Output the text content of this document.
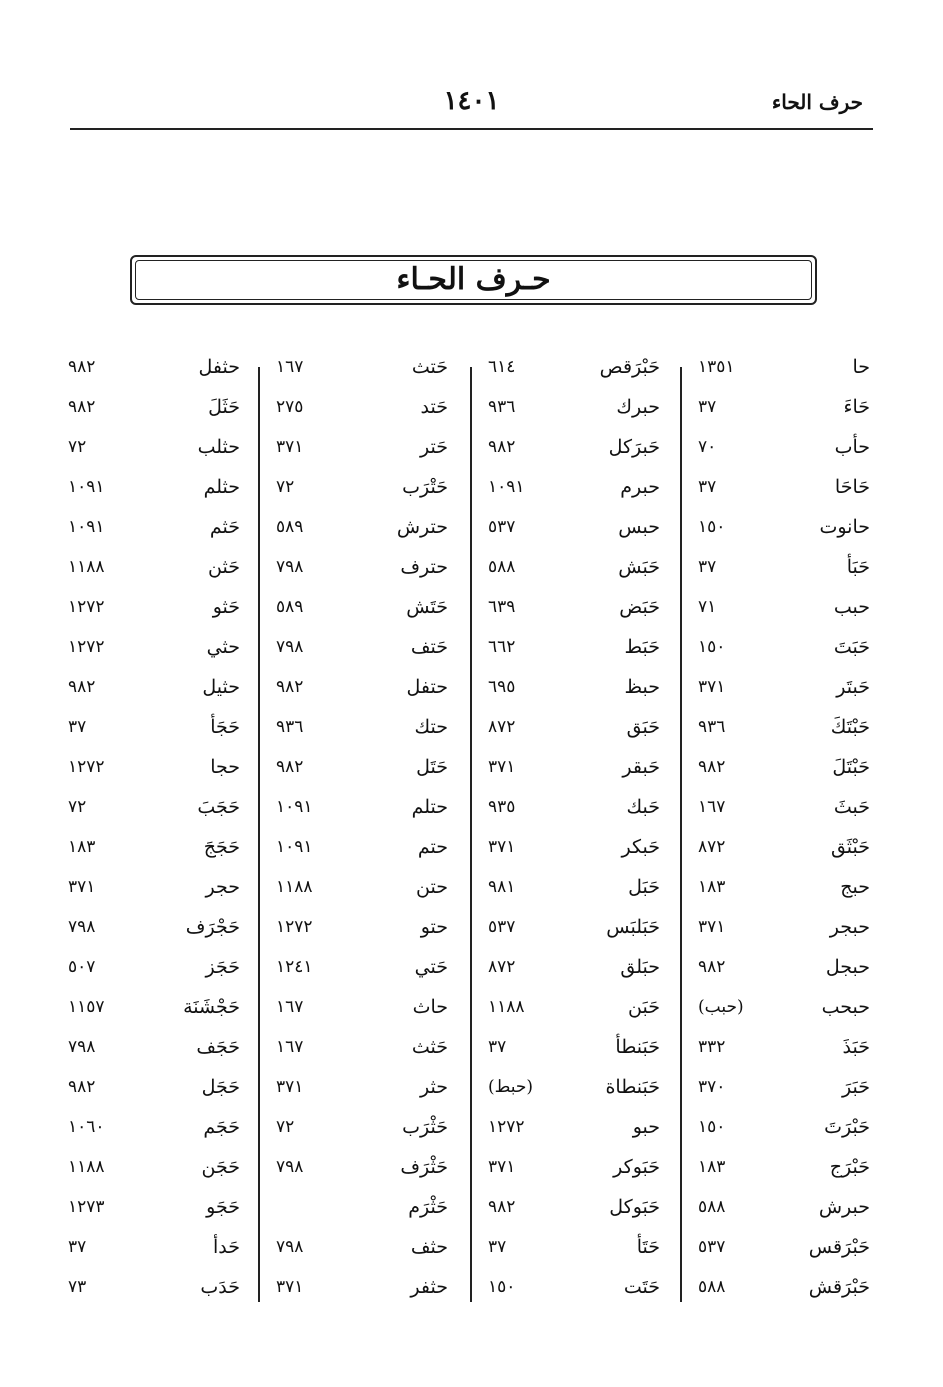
١٤٠١	حرف الحاء
حـرف الحـاء
حا
١٣٥١
حَاءَ
٣٧
حأب
٧٠
حَاحَا
٣٧
حانوت
١٥٠
حَبَأ
٣٧
حبب
٧١
حَبَتَ
١٥٠
حَبتَر
٣٧١
حَبْتَكَ
٩٣٦
حَبْتَلَ
٩٨٢
حَبثَ
١٦٧
حَبْثَق
٨٧٢
حبج
١٨٣
حبجر
٣٧١
حبجل
٩٨٢
حبحب
(حبب)
حَبَذَ
٣٣٢
حَبَرَ
٣٧٠
حَبْرَتَ
١٥٠
حَبْرَج
١٨٣
حبرش
٥٨٨
حَبْرَقس
٥٣٧
حَبْرَقش
٥٨٨
حَبْرَقص
٦١٤
حبرك
٩٣٦
حَبرَكل
٩٨٢
حبرم
١٠٩١
حبس
٥٣٧
حَبَش
٥٨٨
حَبَض
٦٣٩
حَبَط
٦٦٢
حبظ
٦٩٥
حَبَق
٨٧٢
حَبقر
٣٧١
حَبك
٩٣٥
حَبكر
٣٧١
حَبَل
٩٨١
حَبَلبَس
٥٣٧
حبَلق
٨٧٢
حَبَن
١١٨٨
حَبَنطأ
٣٧
حَبَنطاة
(حبط)
حبو
١٢٧٢
حَبَوكر
٣٧١
حَبَوكل
٩٨٢
حَتَأ
٣٧
حَتَت
١٥٠
حَتث
١٦٧
حَتد
٢٧٥
حَتر
٣٧١
حَتْرَب
٧٢
حترش
٥٨٩
حترف
٧٩٨
حَتَش
٥٨٩
حَتف
٧٩٨
حتفل
٩٨٢
حتك
٩٣٦
حَتَل
٩٨٢
حتلم
١٠٩١
حتم
١٠٩١
حتن
١١٨٨
حتو
١٢٧٢
حَتي
١٢٤١
حاث
١٦٧
حَثث
١٦٧
حثر
٣٧١
حَثْرَب
٧٢
حَثْرَف
٧٩٨
حَثْرَم
حثف
٧٩٨
حثفر
٣٧١
حثفل
٩٨٢
حَثَلَ
٩٨٢
حثلب
٧٢
حثلم
١٠٩١
حَثم
١٠٩١
حَثن
١١٨٨
حَثو
١٢٧٢
حثي
١٢٧٢
حثيل
٩٨٢
حَجَأ
٣٧
حجا
١٢٧٢
حَجَبَ
٧٢
حَجَجَ
١٨٣
حجر
٣٧١
حَجْرَف
٧٩٨
حَجَز
٥٠٧
حَجْشَنَة
١١٥٧
حَجَف
٧٩٨
حَجَل
٩٨٢
حَجَم
١٠٦٠
حَجَن
١١٨٨
حَجَو
١٢٧٣
حَدأ
٣٧
حَدَب
٧٣
